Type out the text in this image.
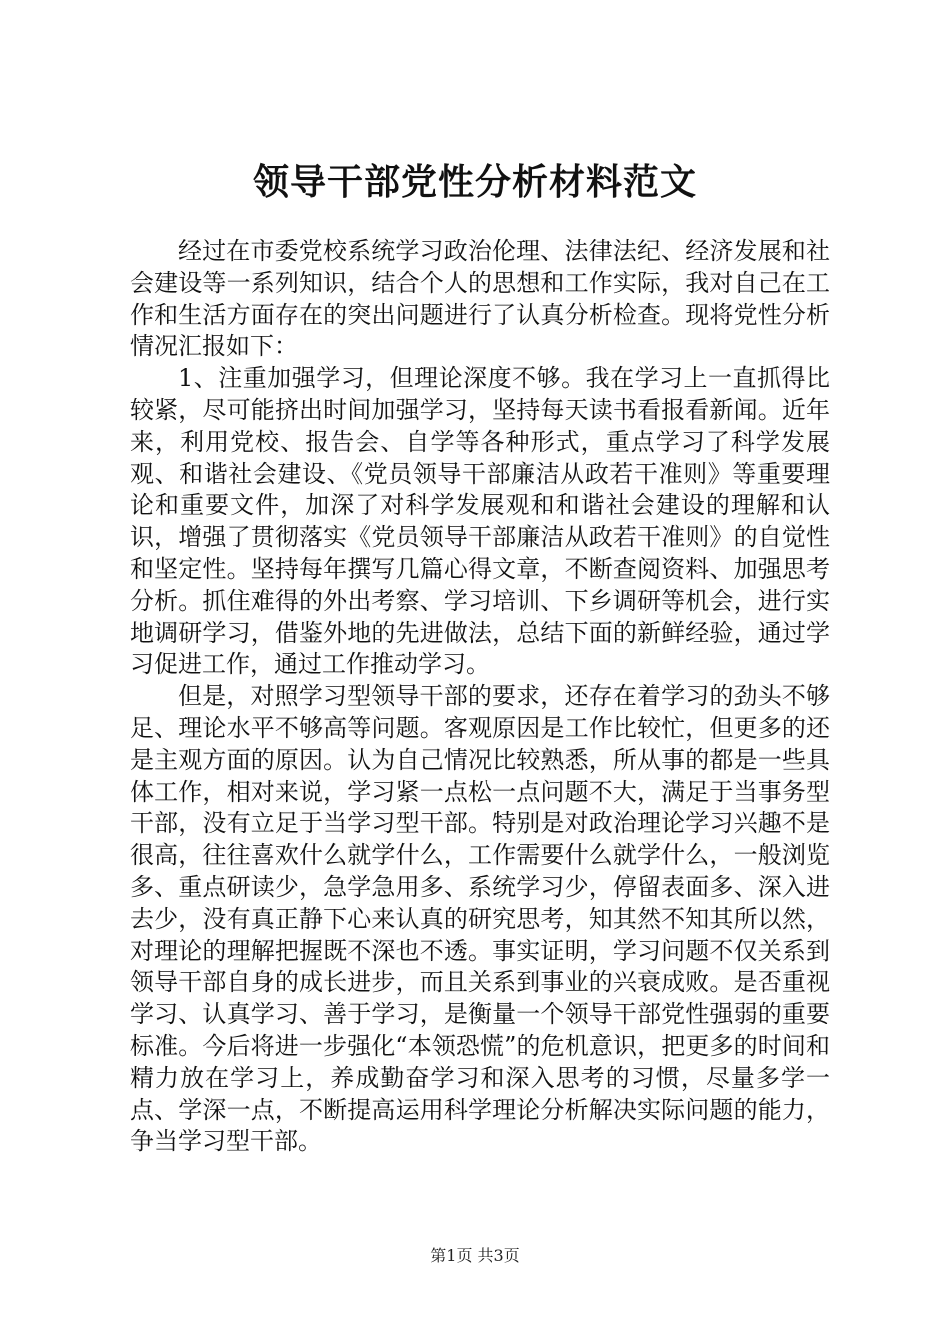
领导干部党性分析材料范文

经过在市委党校系统学习政治伦理、法律法纪、经济发展和社会建设等一系列知识，结合个人的思想和工作实际，我对自己在工作和生活方面存在的突出问题进行了认真分析检查。现将党性分析情况汇报如下：

1、注重加强学习，但理论深度不够。我在学习上一直抓得比较紧，尽可能挤出时间加强学习，坚持每天读书看报看新闻。近年来，利用党校、报告会、自学等各种形式，重点学习了科学发展观、和谐社会建设、《党员领导干部廉洁从政若干准则》等重要理论和重要文件，加深了对科学发展观和和谐社会建设的理解和认识，增强了贯彻落实《党员领导干部廉洁从政若干准则》的自觉性和坚定性。坚持每年撰写几篇心得文章，不断查阅资料、加强思考分析。抓住难得的外出考察、学习培训、下乡调研等机会，进行实地调研学习，借鉴外地的先进做法，总结下面的新鲜经验，通过学习促进工作，通过工作推动学习。

但是，对照学习型领导干部的要求，还存在着学习的劲头不够足、理论水平不够高等问题。客观原因是工作比较忙，但更多的还是主观方面的原因。认为自己情况比较熟悉，所从事的都是一些具体工作，相对来说，学习紧一点松一点问题不大，满足于当事务型干部，没有立足于当学习型干部。特别是对政治理论学习兴趣不是很高，往往喜欢什么就学什么，工作需要什么就学什么，一般浏览多、重点研读少，急学急用多、系统学习少，停留表面多、深入进去少，没有真正静下心来认真的研究思考，知其然不知其所以然，对理论的理解把握既不深也不透。事实证明，学习问题不仅关系到领导干部自身的成长进步，而且关系到事业的兴衰成败。是否重视学习、认真学习、善于学习，是衡量一个领导干部党性强弱的重要标准。今后将进一步强化“本领恐慌”的危机意识，把更多的时间和精力放在学习上，养成勤奋学习和深入思考的习惯，尽量多学一点、学深一点，不断提高运用科学理论分析解决实际问题的能力，争当学习型干部。

第1页 共3页
